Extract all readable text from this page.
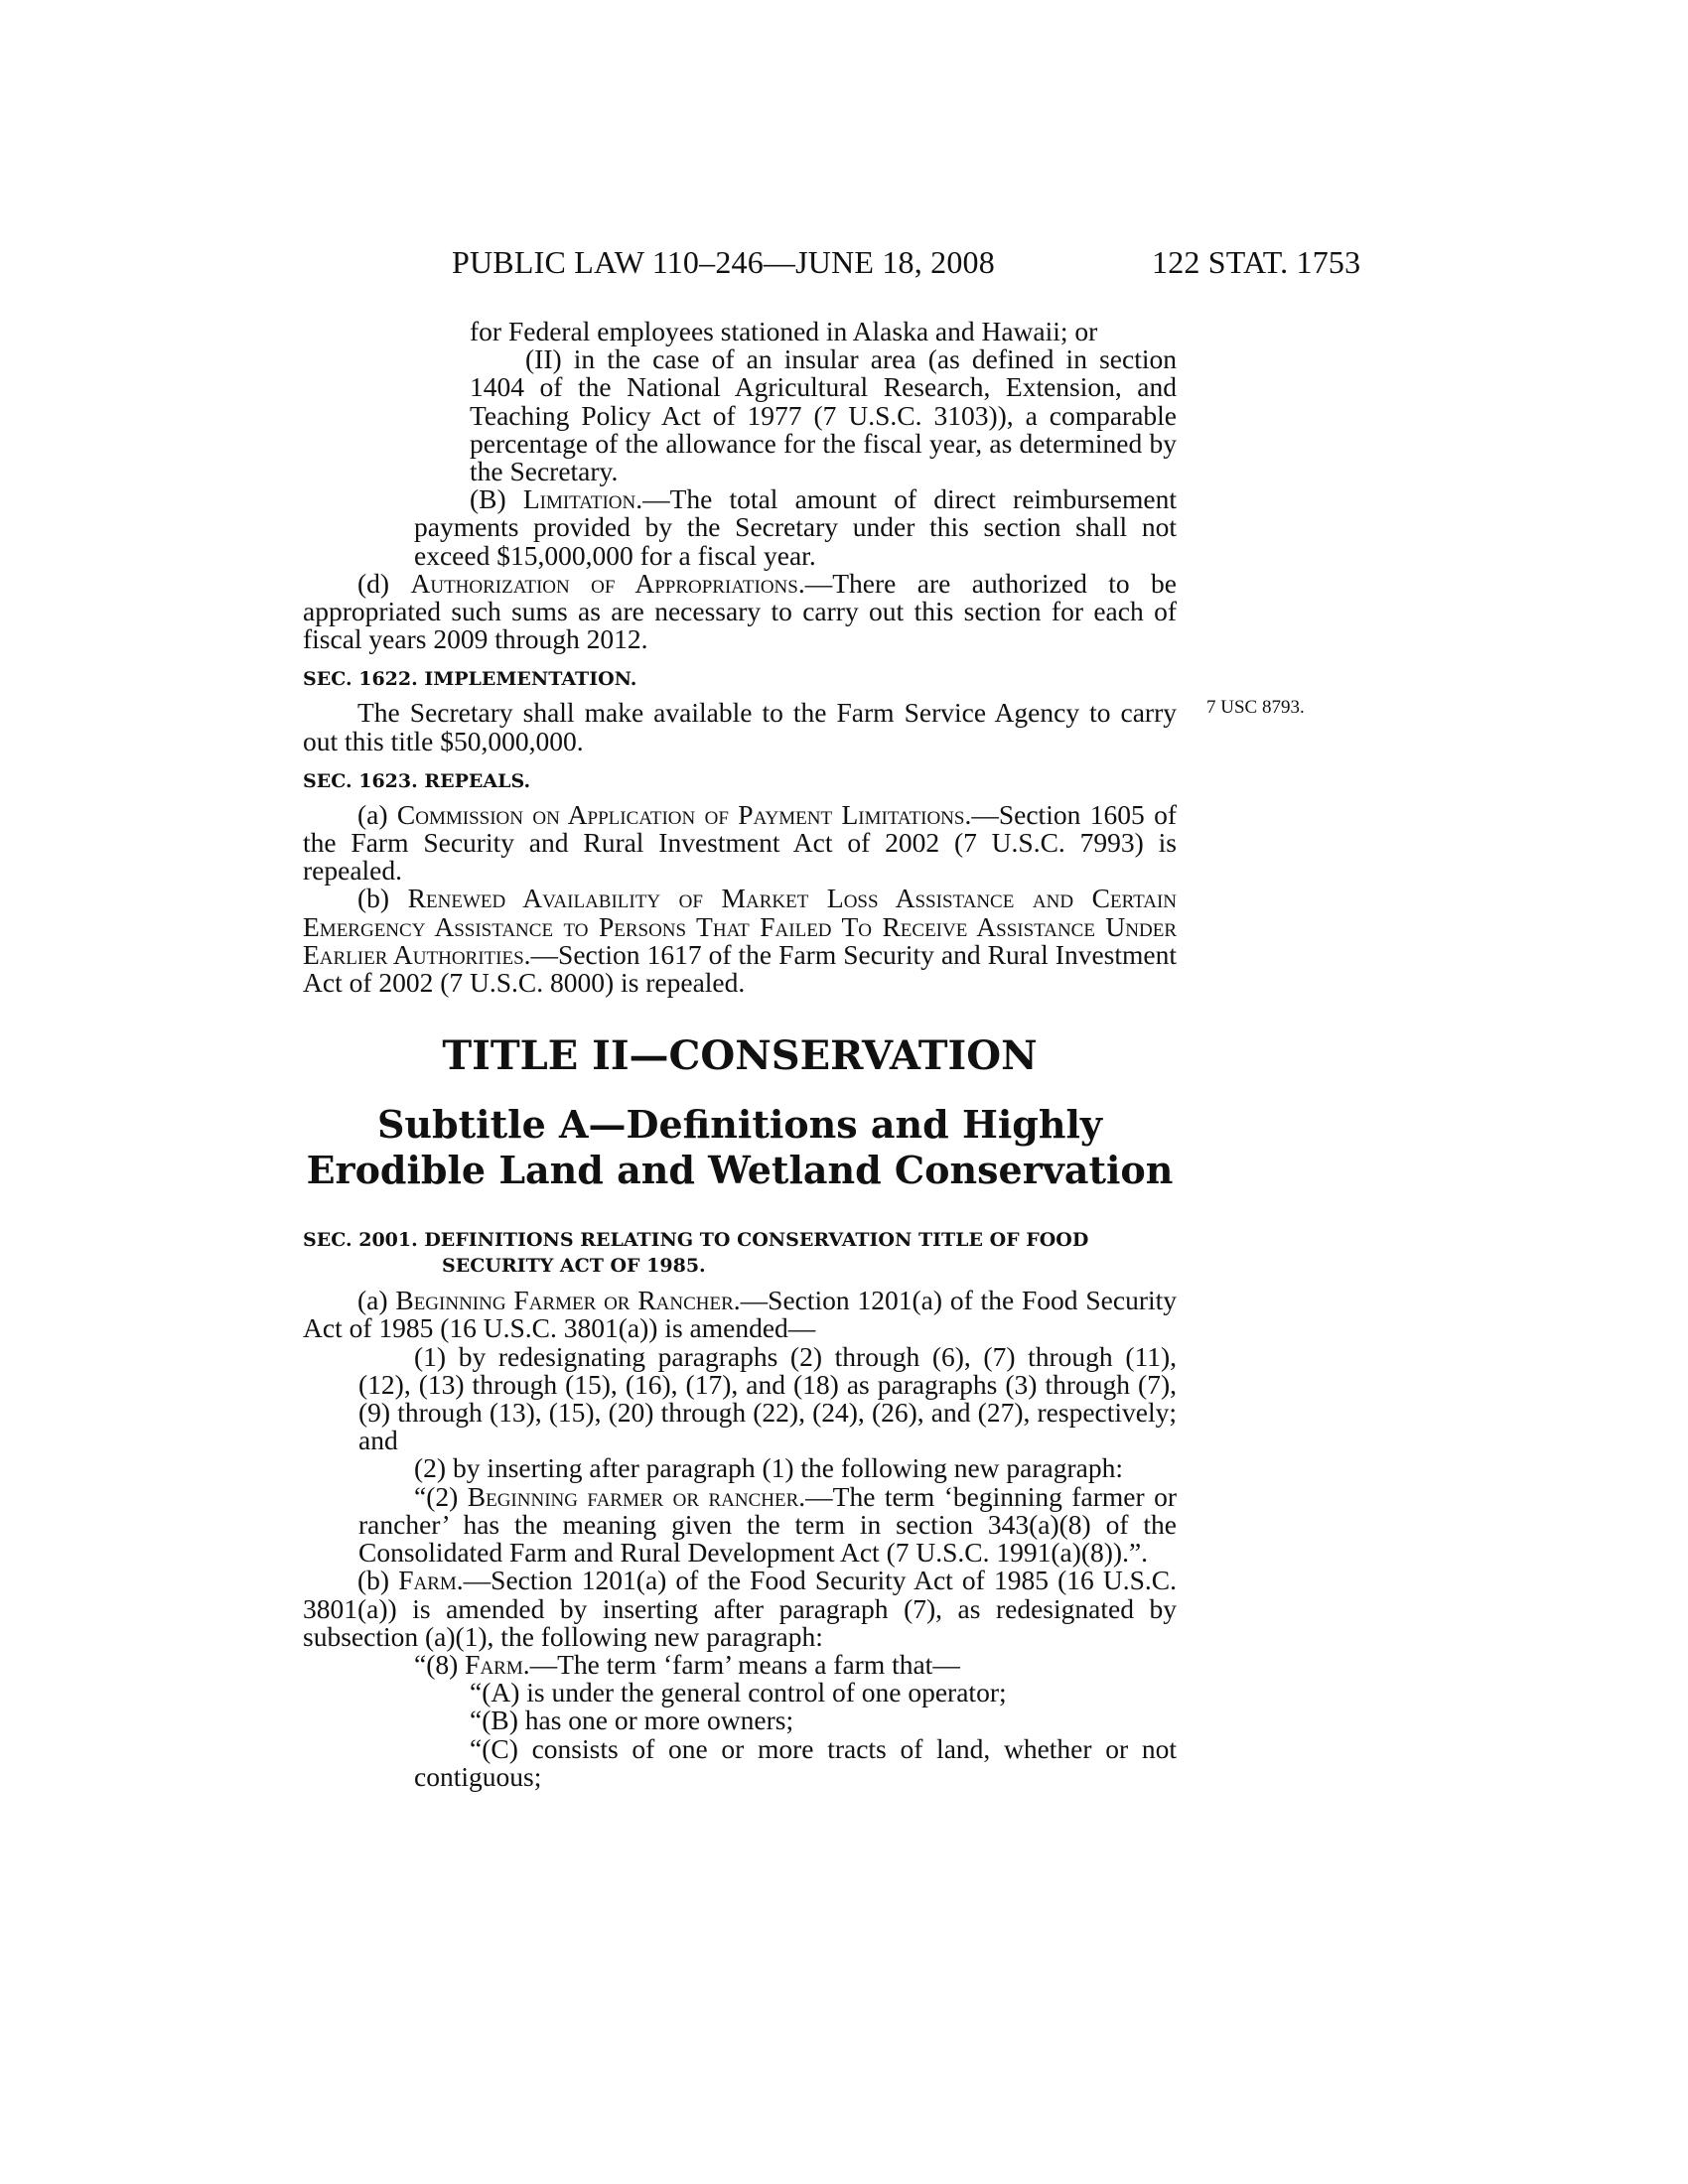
PUBLIC LAW 110–246—JUNE 18, 2008	122 STAT. 1753
7 USC 8793.

for Federal employees stationed in Alaska and Hawaii; or

(II) in the case of an insular area (as defined in section 1404 of the National Agricultural Research, Extension, and Teaching Policy Act of 1977 (7 U.S.C. 3103)), a comparable percentage of the allowance for the fiscal year, as determined by the Secretary.

(B) Limitation.—The total amount of direct reimbursement payments provided by the Secretary under this section shall not exceed $15,000,000 for a fiscal year.

(d) Authorization of Appropriations.—There are authorized to be appropriated such sums as are necessary to carry out this section for each of fiscal years 2009 through 2012.

SEC. 1622. IMPLEMENTATION.

The Secretary shall make available to the Farm Service Agency to carry out this title $50,000,000.

SEC. 1623. REPEALS.

(a) Commission on Application of Payment Limitations.—Section 1605 of the Farm Security and Rural Investment Act of 2002 (7 U.S.C. 7993) is repealed.

(b) Renewed Availability of Market Loss Assistance and Certain Emergency Assistance to Persons That Failed To Receive Assistance Under Earlier Authorities.—Section 1617 of the Farm Security and Rural Investment Act of 2002 (7 U.S.C. 8000) is repealed.

TITLE II—CONSERVATION
Subtitle A—Definitions and Highly
Erodible Land and Wetland Conservation
SEC. 2001. DEFINITIONS RELATING TO CONSERVATION TITLE OF FOOD
SECURITY ACT OF 1985.

(a) Beginning Farmer or Rancher.—Section 1201(a) of the Food Security Act of 1985 (16 U.S.C. 3801(a)) is amended—

(1) by redesignating paragraphs (2) through (6), (7) through (11), (12), (13) through (15), (16), (17), and (18) as paragraphs (3) through (7), (9) through (13), (15), (20) through (22), (24), (26), and (27), respectively; and

(2) by inserting after paragraph (1) the following new paragraph:

“(2) Beginning farmer or rancher.—The term ‘beginning farmer or rancher’ has the meaning given the term in section 343(a)(8) of the Consolidated Farm and Rural Development Act (7 U.S.C. 1991(a)(8)).”.

(b) Farm.—Section 1201(a) of the Food Security Act of 1985 (16 U.S.C. 3801(a)) is amended by inserting after paragraph (7), as redesignated by subsection (a)(1), the following new paragraph:

“(8) Farm.—The term ‘farm’ means a farm that—

“(A) is under the general control of one operator;

“(B) has one or more owners;

“(C) consists of one or more tracts of land, whether or not contiguous;
